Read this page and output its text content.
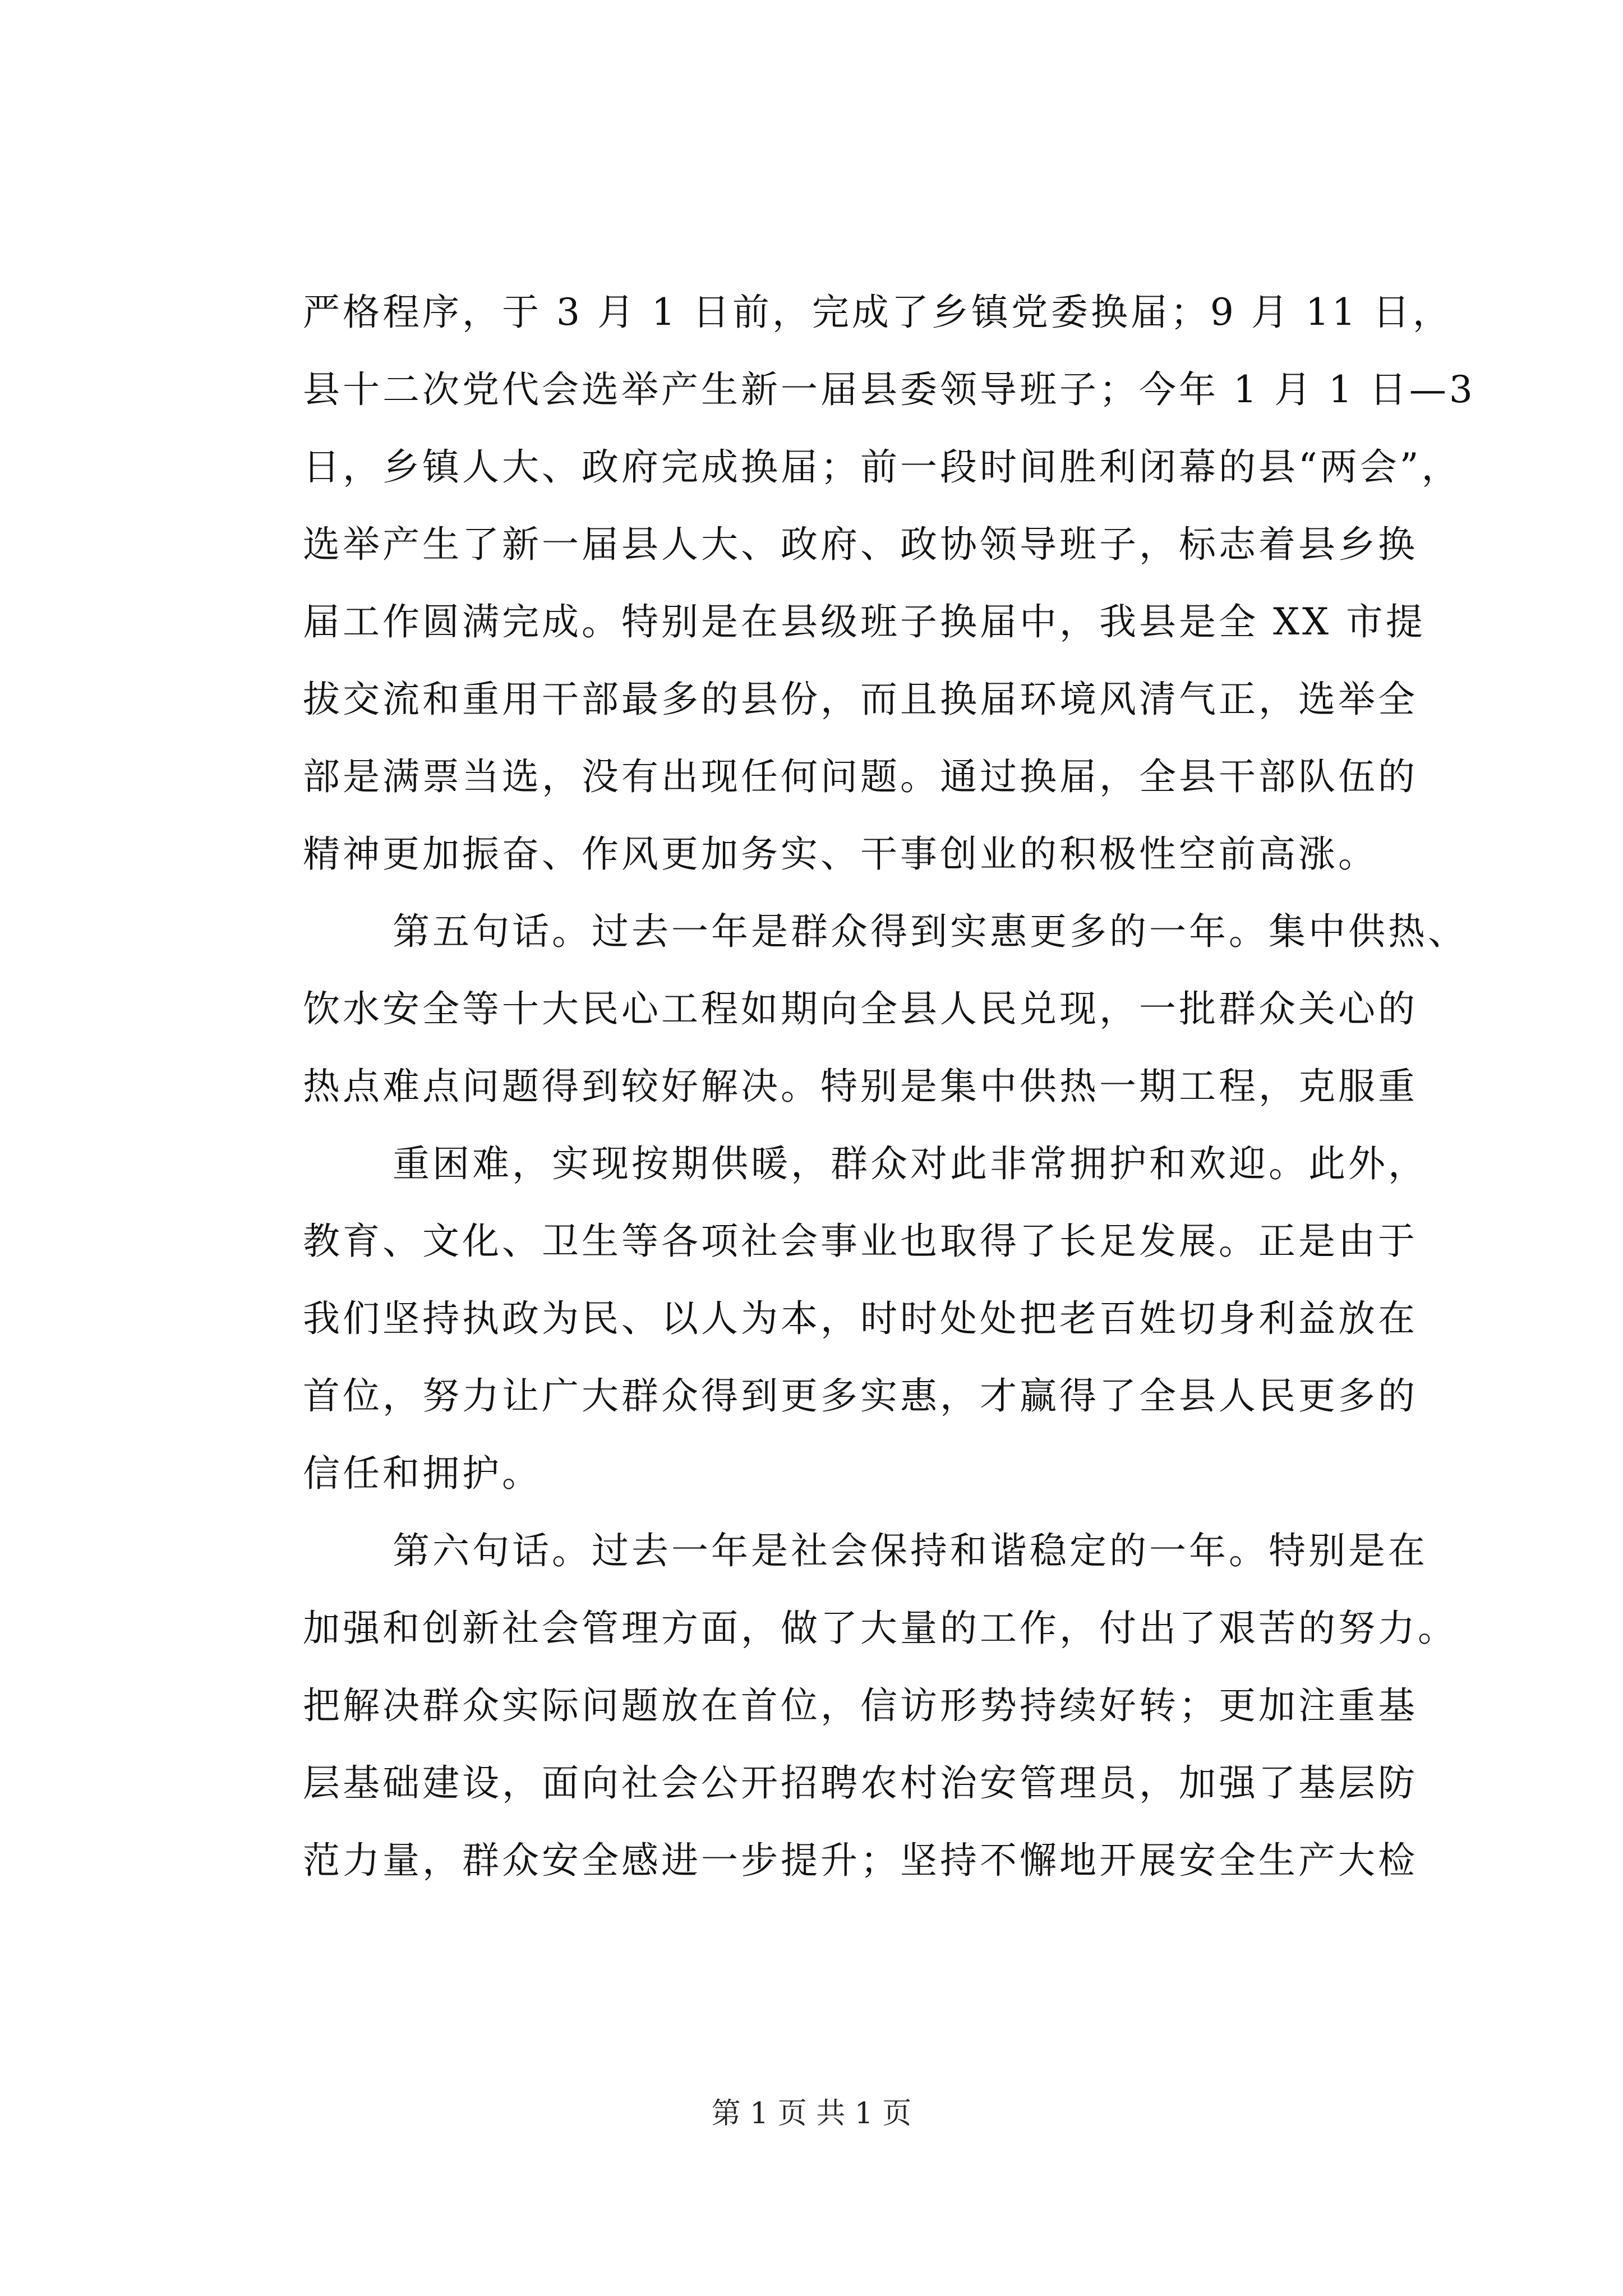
严格程序，于 3 月 1 日前，完成了乡镇党委换届；9 月 11 日，
县十二次党代会选举产生新一届县委领导班子；今年 1 月 1 日—3
日，乡镇人大、政府完成换届；前一段时间胜利闭幕的县“两会”，
选举产生了新一届县人大、政府、政协领导班子，标志着县乡换
届工作圆满完成。特别是在县级班子换届中，我县是全 XX 市提
拔交流和重用干部最多的县份，而且换届环境风清气正，选举全
部是满票当选，没有出现任何问题。通过换届，全县干部队伍的
精神更加振奋、作风更加务实、干事创业的积极性空前高涨。
第五句话。过去一年是群众得到实惠更多的一年。集中供热、
饮水安全等十大民心工程如期向全县人民兑现，一批群众关心的
热点难点问题得到较好解决。特别是集中供热一期工程，克服重
重困难，实现按期供暖，群众对此非常拥护和欢迎。此外，
教育、文化、卫生等各项社会事业也取得了长足发展。正是由于
我们坚持执政为民、以人为本，时时处处把老百姓切身利益放在
首位，努力让广大群众得到更多实惠，才赢得了全县人民更多的
信任和拥护。
第六句话。过去一年是社会保持和谐稳定的一年。特别是在
加强和创新社会管理方面，做了大量的工作，付出了艰苦的努力。
把解决群众实际问题放在首位，信访形势持续好转；更加注重基
层基础建设，面向社会公开招聘农村治安管理员，加强了基层防
范力量，群众安全感进一步提升；坚持不懈地开展安全生产大检
第 1 页 共 1 页
